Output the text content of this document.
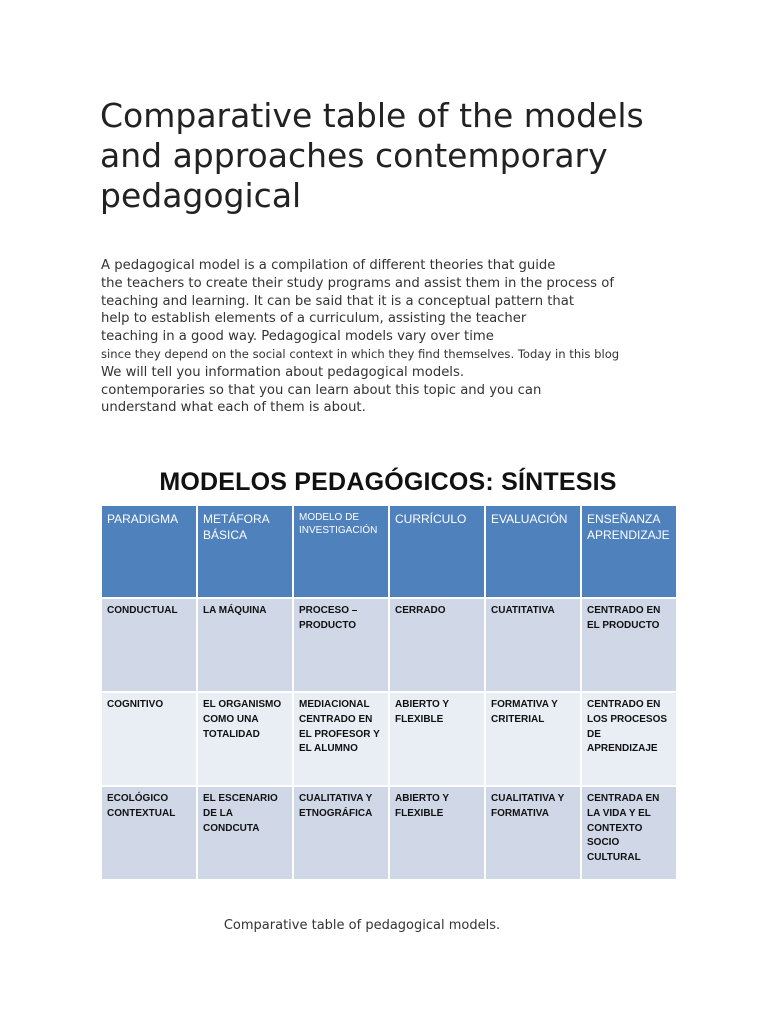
Comparative table of the models and approaches contemporary pedagogical
A pedagogical model is a compilation of different theories that guide
the teachers to create their study programs and assist them in the process of
teaching and learning. It can be said that it is a conceptual pattern that
help to establish elements of a curriculum, assisting the teacher
teaching in a good way. Pedagogical models vary over time
since they depend on the social context in which they find themselves. Today in this blog
We will tell you information about pedagogical models.
contemporaries so that you can learn about this topic and you can
understand what each of them is about.
MODELOS PEDAGÓGICOS: SÍNTESIS
PARADIGMA	METÁFORA BÁSICA	MODELO DE INVESTIGACIÓN	CURRÍCULO	EVALUACIÓN	ENSEÑANZA APRENDIZAJE
CONDUCTUAL	LA MÁQUINA	PROCESO – PRODUCTO	CERRADO	CUATITATIVA	CENTRADO EN EL PRODUCTO
COGNITIVO	EL ORGANISMO COMO UNA TOTALIDAD	MEDIACIONAL CENTRADO EN EL PROFESOR Y EL ALUMNO	ABIERTO Y FLEXIBLE	FORMATIVA Y CRITERIAL	CENTRADO EN LOS PROCESOS DE APRENDIZAJE
ECOLÓGICO CONTEXTUAL	EL ESCENARIO DE LA CONDCUTA	CUALITATIVA Y ETNOGRÁFICA	ABIERTO Y FLEXIBLE	CUALITATIVA Y FORMATIVA	CENTRADA EN LA VIDA Y EL CONTEXTO SOCIO CULTURAL
Comparative table of pedagogical models.
